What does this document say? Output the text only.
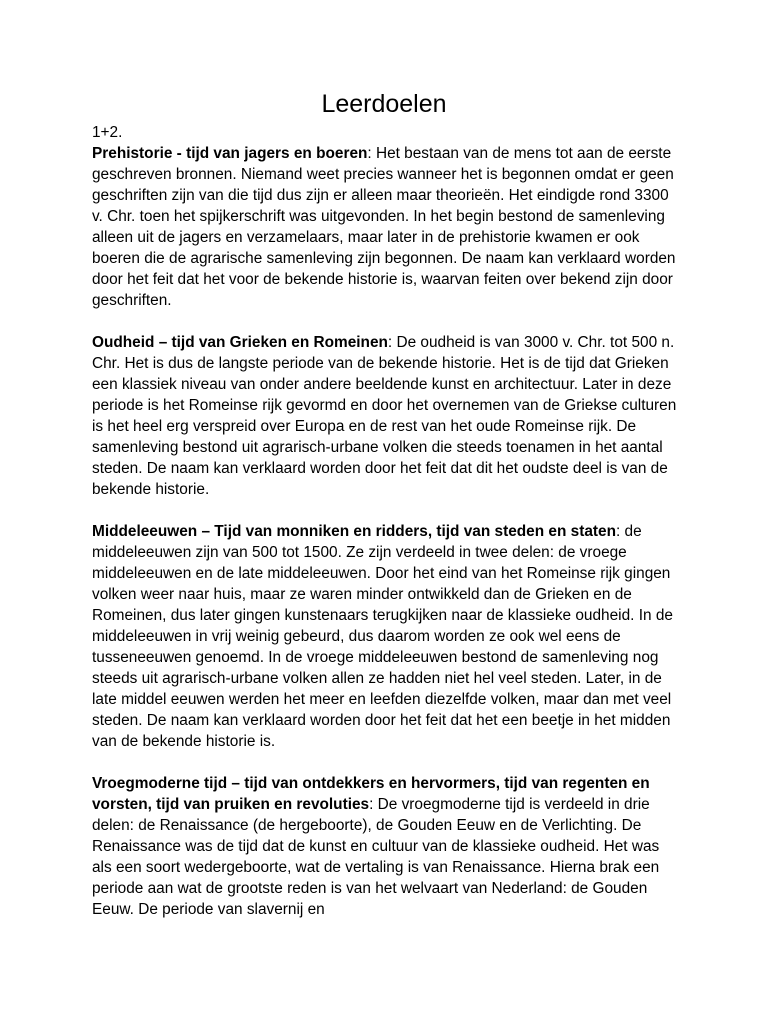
Leerdoelen

1+2.

Prehistorie - tijd van jagers en boeren: Het bestaan van de mens tot aan de eerste geschreven bronnen. Niemand weet precies wanneer het is begonnen omdat er geen geschriften zijn van die tijd dus zijn er alleen maar theorieën. Het eindigde rond 3300 v. Chr. toen het spijkerschrift was uitgevonden. In het begin bestond de samenleving alleen uit de jagers en verzamelaars, maar later in de prehistorie kwamen er ook boeren die de agrarische samenleving zijn begonnen. De naam kan verklaard worden door het feit dat het voor de bekende historie is, waarvan feiten over bekend zijn door geschriften.

Oudheid – tijd van Grieken en Romeinen: De oudheid is van 3000 v. Chr. tot 500 n. Chr. Het is dus de langste periode van de bekende historie. Het is de tijd dat Grieken een klassiek niveau van onder andere beeldende kunst en architectuur. Later in deze periode is het Romeinse rijk gevormd en door het overnemen van de Griekse culturen is het heel erg verspreid over Europa en de rest van het oude Romeinse rijk. De samenleving bestond uit agrarisch-urbane volken die steeds toenamen in het aantal steden. De naam kan verklaard worden door het feit dat dit het oudste deel is van de bekende historie.

Middeleeuwen – Tijd van monniken en ridders, tijd van steden en staten: de middeleeuwen zijn van 500 tot 1500. Ze zijn verdeeld in twee delen: de vroege middeleeuwen en de late middeleeuwen. Door het eind van het Romeinse rijk gingen volken weer naar huis, maar ze waren minder ontwikkeld dan de Grieken en de Romeinen, dus later gingen kunstenaars terugkijken naar de klassieke oudheid. In de middeleeuwen in vrij weinig gebeurd, dus daarom worden ze ook wel eens de tusseneeuwen genoemd. In de vroege middeleeuwen bestond de samenleving nog steeds uit agrarisch-urbane volken allen ze hadden niet hel veel steden. Later, in de late middel eeuwen werden het meer en leefden diezelfde volken, maar dan met veel steden. De naam kan verklaard worden door het feit dat het een beetje in het midden van de bekende historie is.

Vroegmoderne tijd – tijd van ontdekkers en hervormers, tijd van regenten en vorsten, tijd van pruiken en revoluties: De vroegmoderne tijd is verdeeld in drie delen: de Renaissance (de hergeboorte), de Gouden Eeuw en de Verlichting. De Renaissance was de tijd dat de kunst en cultuur van de klassieke oudheid. Het was als een soort wedergeboorte, wat de vertaling is van Renaissance. Hierna brak een periode aan wat de grootste reden is van het welvaart van Nederland: de Gouden Eeuw. De periode van slavernij en
